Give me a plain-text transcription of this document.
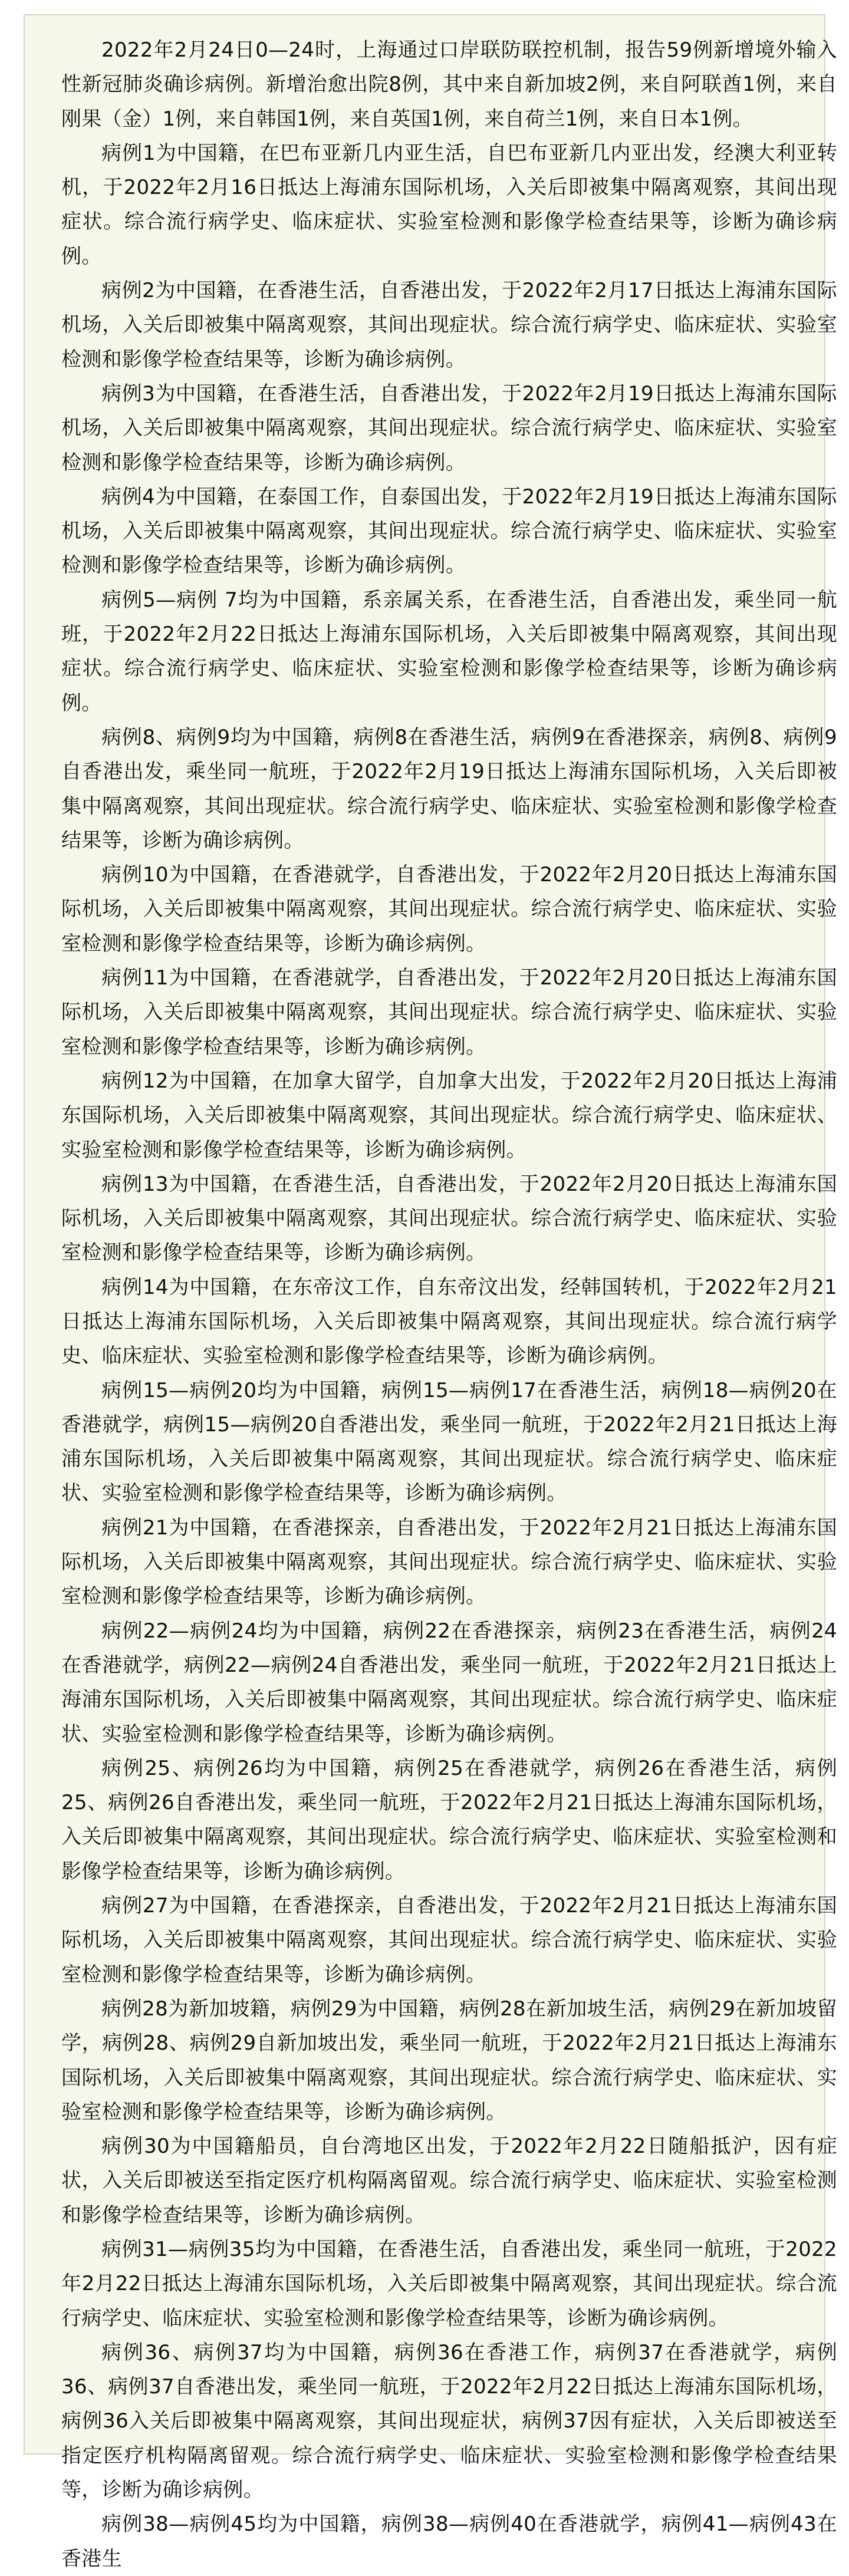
2022年2月24日0—24时，上海通过口岸联防联控机制，报告59例新增境外输入性新冠肺炎确诊病例。新增治愈出院8例，其中来自新加坡2例，来自阿联酋1例，来自刚果（金）1例，来自韩国1例，来自英国1例，来自荷兰1例，来自日本1例。

病例1为中国籍，在巴布亚新几内亚生活，自巴布亚新几内亚出发，经澳大利亚转机，于2022年2月16日抵达上海浦东国际机场，入关后即被集中隔离观察，其间出现症状。综合流行病学史、临床症状、实验室检测和影像学检查结果等，诊断为确诊病例。

病例2为中国籍，在香港生活，自香港出发，于2022年2月17日抵达上海浦东国际机场，入关后即被集中隔离观察，其间出现症状。综合流行病学史、临床症状、实验室检测和影像学检查结果等，诊断为确诊病例。

病例3为中国籍，在香港生活，自香港出发，于2022年2月19日抵达上海浦东国际机场，入关后即被集中隔离观察，其间出现症状。综合流行病学史、临床症状、实验室检测和影像学检查结果等，诊断为确诊病例。

病例4为中国籍，在泰国工作，自泰国出发，于2022年2月19日抵达上海浦东国际机场，入关后即被集中隔离观察，其间出现症状。综合流行病学史、临床症状、实验室检测和影像学检查结果等，诊断为确诊病例。

病例5—病例 7均为中国籍，系亲属关系，在香港生活，自香港出发，乘坐同一航班，于2022年2月22日抵达上海浦东国际机场，入关后即被集中隔离观察，其间出现症状。综合流行病学史、临床症状、实验室检测和影像学检查结果等，诊断为确诊病例。

病例8、病例9均为中国籍，病例8在香港生活，病例9在香港探亲，病例8、病例9自香港出发，乘坐同一航班，于2022年2月19日抵达上海浦东国际机场，入关后即被集中隔离观察，其间出现症状。综合流行病学史、临床症状、实验室检测和影像学检查结果等，诊断为确诊病例。

病例10为中国籍，在香港就学，自香港出发，于2022年2月20日抵达上海浦东国际机场，入关后即被集中隔离观察，其间出现症状。综合流行病学史、临床症状、实验室检测和影像学检查结果等，诊断为确诊病例。

病例11为中国籍，在香港就学，自香港出发，于2022年2月20日抵达上海浦东国际机场，入关后即被集中隔离观察，其间出现症状。综合流行病学史、临床症状、实验室检测和影像学检查结果等，诊断为确诊病例。

病例12为中国籍，在加拿大留学，自加拿大出发，于2022年2月20日抵达上海浦东国际机场，入关后即被集中隔离观察，其间出现症状。综合流行病学史、临床症状、实验室检测和影像学检查结果等，诊断为确诊病例。

病例13为中国籍，在香港生活，自香港出发，于2022年2月20日抵达上海浦东国际机场，入关后即被集中隔离观察，其间出现症状。综合流行病学史、临床症状、实验室检测和影像学检查结果等，诊断为确诊病例。

病例14为中国籍，在东帝汶工作，自东帝汶出发，经韩国转机，于2022年2月21日抵达上海浦东国际机场，入关后即被集中隔离观察，其间出现症状。综合流行病学史、临床症状、实验室检测和影像学检查结果等，诊断为确诊病例。

病例15—病例20均为中国籍，病例15—病例17在香港生活，病例18—病例20在香港就学，病例15—病例20自香港出发，乘坐同一航班，于2022年2月21日抵达上海浦东国际机场，入关后即被集中隔离观察，其间出现症状。综合流行病学史、临床症状、实验室检测和影像学检查结果等，诊断为确诊病例。

病例21为中国籍，在香港探亲，自香港出发，于2022年2月21日抵达上海浦东国际机场，入关后即被集中隔离观察，其间出现症状。综合流行病学史、临床症状、实验室检测和影像学检查结果等，诊断为确诊病例。

病例22—病例24均为中国籍，病例22在香港探亲，病例23在香港生活，病例24在香港就学，病例22—病例24自香港出发，乘坐同一航班，于2022年2月21日抵达上海浦东国际机场，入关后即被集中隔离观察，其间出现症状。综合流行病学史、临床症状、实验室检测和影像学检查结果等，诊断为确诊病例。

病例25、病例26均为中国籍，病例25在香港就学，病例26在香港生活，病例25、病例26自香港出发，乘坐同一航班，于2022年2月21日抵达上海浦东国际机场，入关后即被集中隔离观察，其间出现症状。综合流行病学史、临床症状、实验室检测和影像学检查结果等，诊断为确诊病例。

病例27为中国籍，在香港探亲，自香港出发，于2022年2月21日抵达上海浦东国际机场，入关后即被集中隔离观察，其间出现症状。综合流行病学史、临床症状、实验室检测和影像学检查结果等，诊断为确诊病例。

病例28为新加坡籍，病例29为中国籍，病例28在新加坡生活，病例29在新加坡留学，病例28、病例29自新加坡出发，乘坐同一航班，于2022年2月21日抵达上海浦东国际机场，入关后即被集中隔离观察，其间出现症状。综合流行病学史、临床症状、实验室检测和影像学检查结果等，诊断为确诊病例。

病例30为中国籍船员，自台湾地区出发，于2022年2月22日随船抵沪，因有症状，入关后即被送至指定医疗机构隔离留观。综合流行病学史、临床症状、实验室检测和影像学检查结果等，诊断为确诊病例。

病例31—病例35均为中国籍，在香港生活，自香港出发，乘坐同一航班，于2022年2月22日抵达上海浦东国际机场，入关后即被集中隔离观察，其间出现症状。综合流行病学史、临床症状、实验室检测和影像学检查结果等，诊断为确诊病例。

病例36、病例37均为中国籍，病例36在香港工作，病例37在香港就学，病例36、病例37自香港出发，乘坐同一航班，于2022年2月22日抵达上海浦东国际机场，病例36入关后即被集中隔离观察，其间出现症状，病例37因有症状，入关后即被送至指定医疗机构隔离留观。综合流行病学史、临床症状、实验室检测和影像学检查结果等，诊断为确诊病例。

病例38—病例45均为中国籍，病例38—病例40在香港就学，病例41—病例43在香港生
